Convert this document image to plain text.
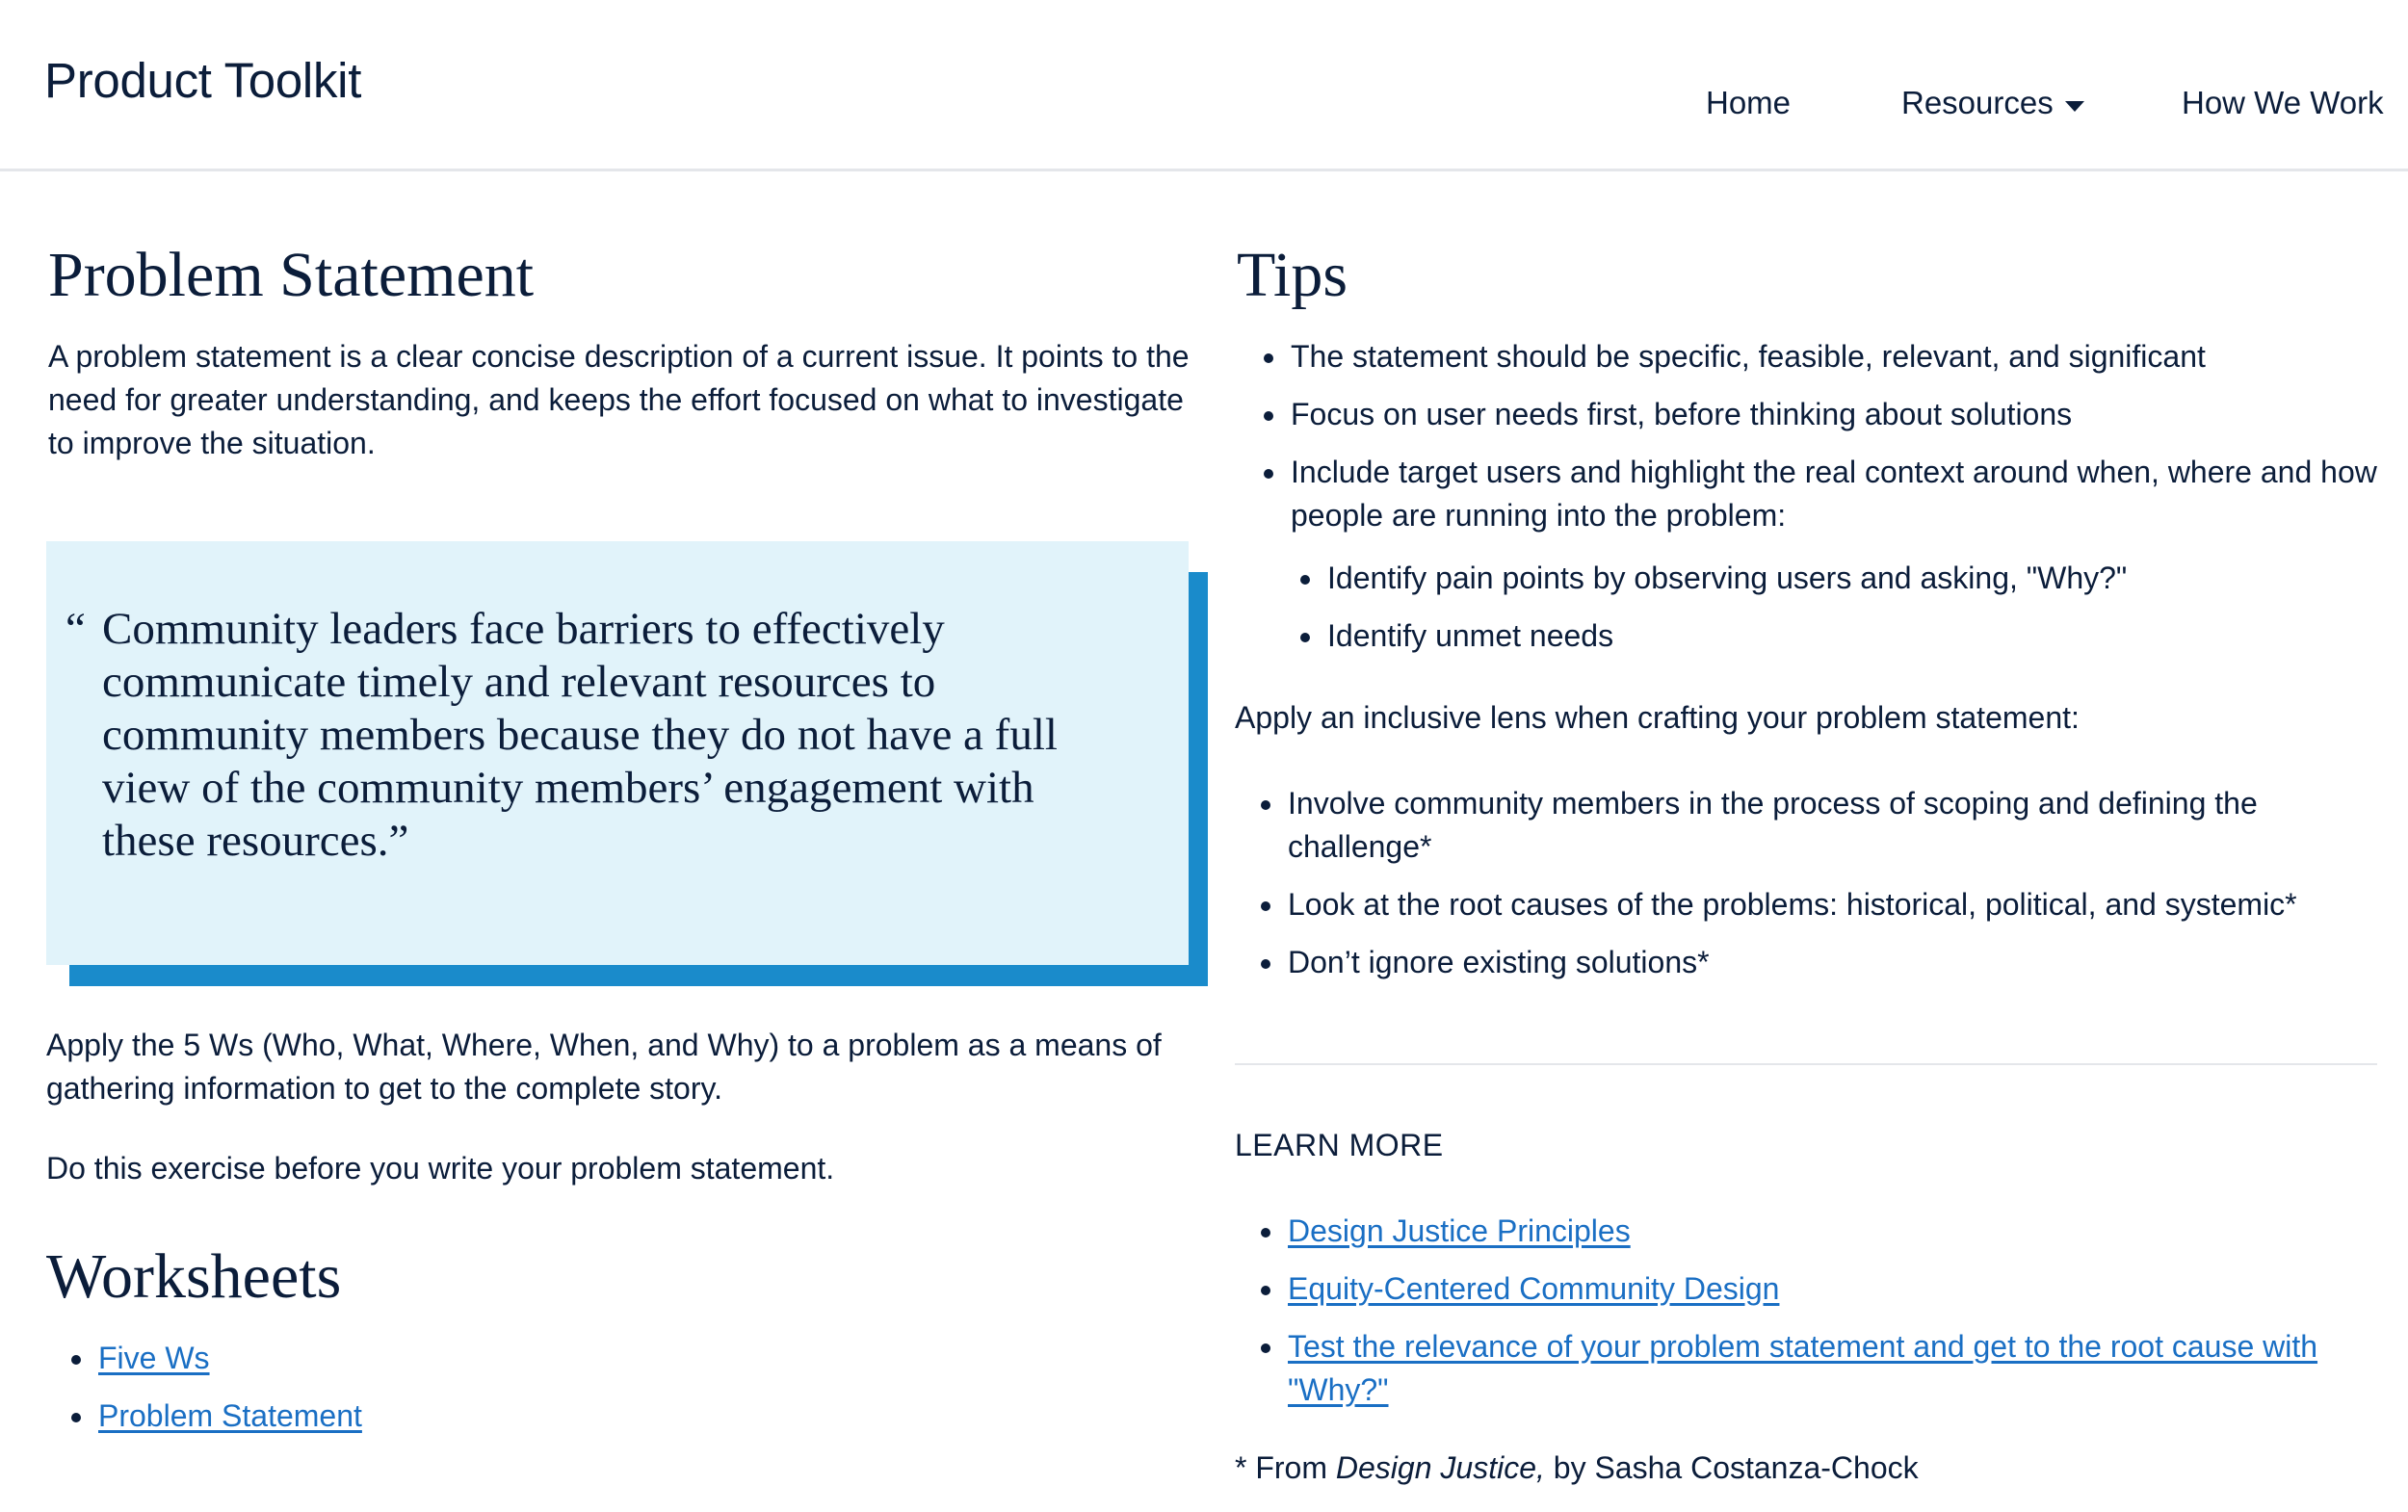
Product Toolkit	Home	Resources	How We Work
Problem Statement

A problem statement is a clear concise description of a current issue. It points to the need for greater understanding, and keeps the effort focused on what to investigate to improve the situation.

“ Community leaders face barriers to effectively communicate timely and relevant resources to community members because they do not have a full view of the community members’ engagement with these resources.”

Apply the 5 Ws (Who, What, Where, When, and Why) to a problem as a means of gathering information to get to the complete story.

Do this exercise before you write your problem statement.

Worksheets
Five Ws
Problem Statement
Tips
The statement should be specific, feasible, relevant, and significant
Focus on user needs first, before thinking about solutions
Include target users and highlight the real context around when, where and how people are running into the problem:
Identify pain points by observing users and asking, "Why?"
Identify unmet needs

Apply an inclusive lens when crafting your problem statement:

Involve community members in the process of scoping and defining the challenge*
Look at the root causes of the problems: historical, political, and systemic*
Don’t ignore existing solutions*
LEARN MORE
Design Justice Principles
Equity-Centered Community Design
Test the relevance of your problem statement and get to the root cause with "Why?"

* From Design Justice, by Sasha Costanza-Chock
